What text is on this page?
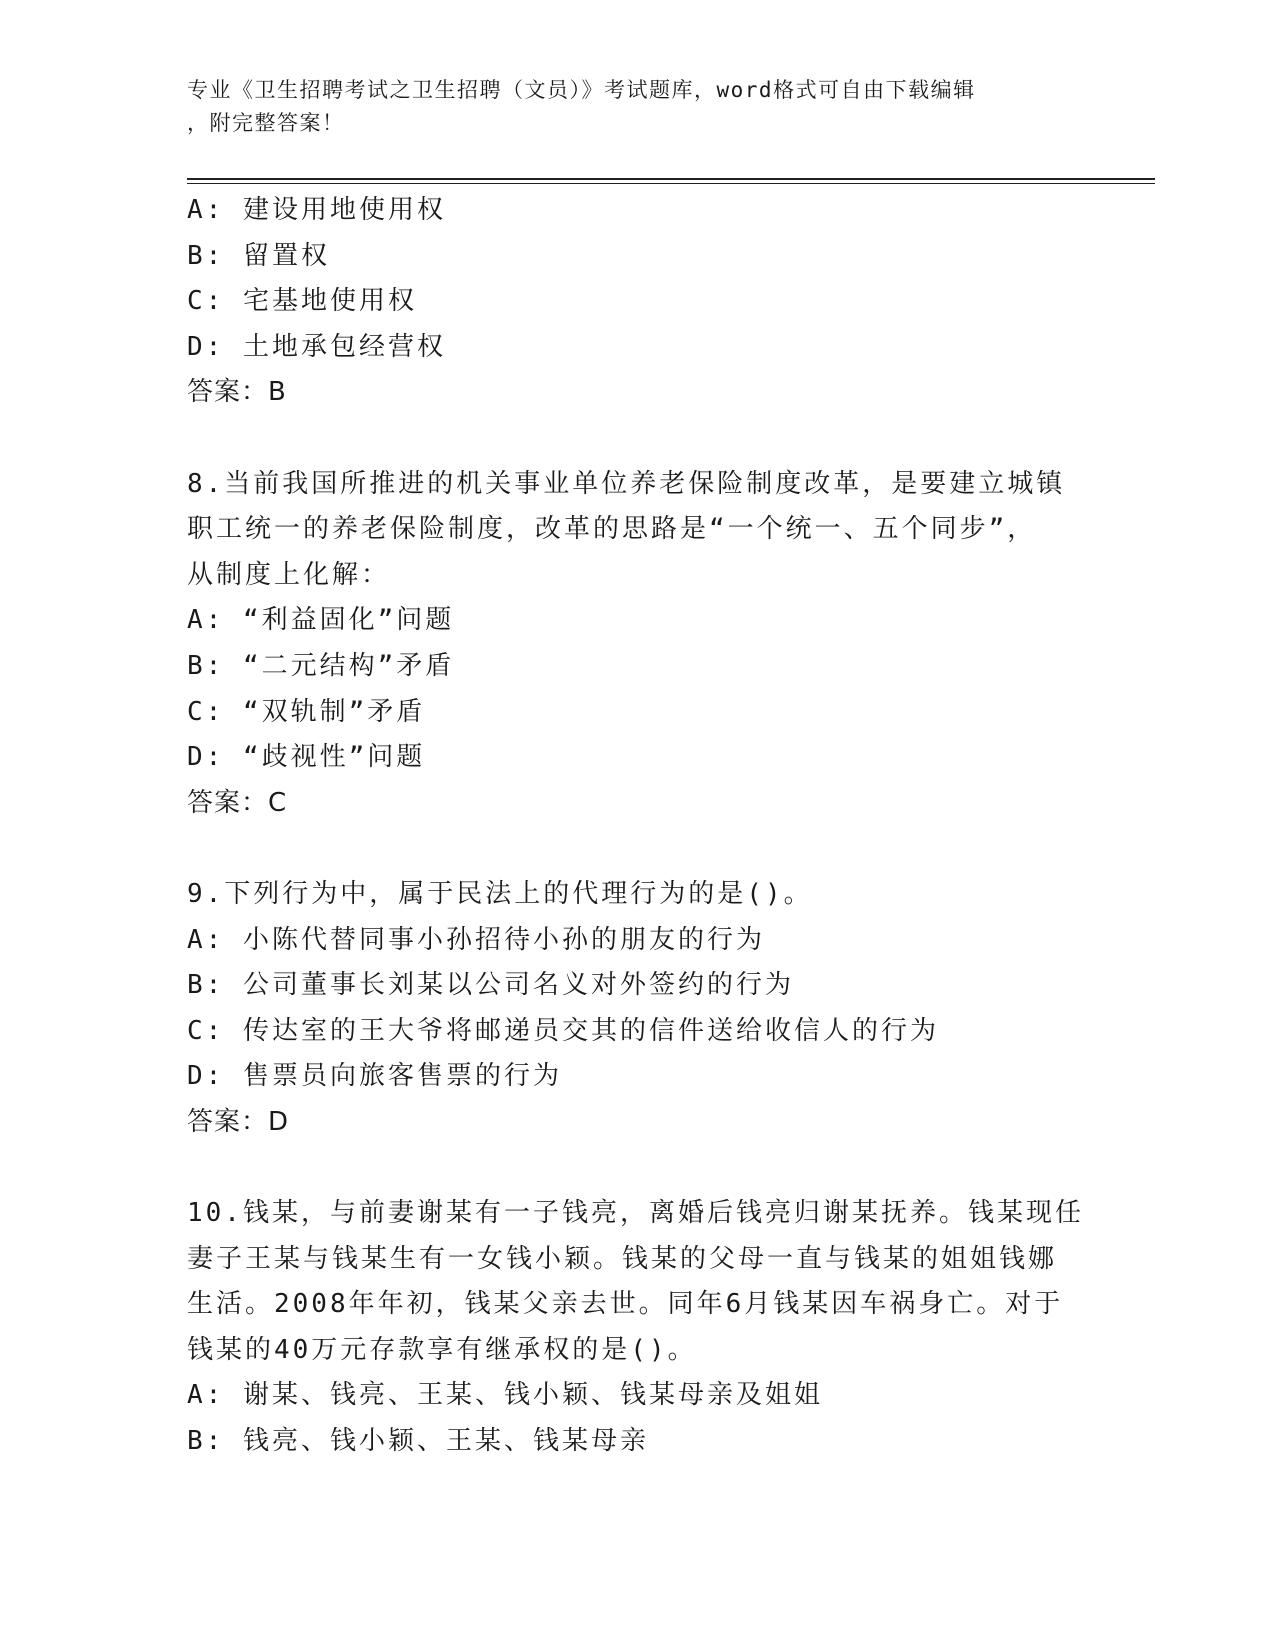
专业《卫生招聘考试之卫生招聘（文员）》考试题库，word格式可自由下载编辑
，附完整答案！
A: 建设用地使用权
B: 留置权
C: 宅基地使用权
D: 土地承包经营权
答案：B
8.当前我国所推进的机关事业单位养老保险制度改革，是要建立城镇
职工统一的养老保险制度，改革的思路是“一个统一、五个同步”，
从制度上化解：
A: “利益固化”问题
B: “二元结构”矛盾
C: “双轨制”矛盾
D: “歧视性”问题
答案：C
9.下列行为中，属于民法上的代理行为的是()。
A: 小陈代替同事小孙招待小孙的朋友的行为
B: 公司董事长刘某以公司名义对外签约的行为
C: 传达室的王大爷将邮递员交其的信件送给收信人的行为
D: 售票员向旅客售票的行为
答案：D
10.钱某，与前妻谢某有一子钱亮，离婚后钱亮归谢某抚养。钱某现任
妻子王某与钱某生有一女钱小颖。钱某的父母一直与钱某的姐姐钱娜
生活。2008年年初，钱某父亲去世。同年6月钱某因车祸身亡。对于
钱某的40万元存款享有继承权的是()。
A: 谢某、钱亮、王某、钱小颖、钱某母亲及姐姐
B: 钱亮、钱小颖、王某、钱某母亲
